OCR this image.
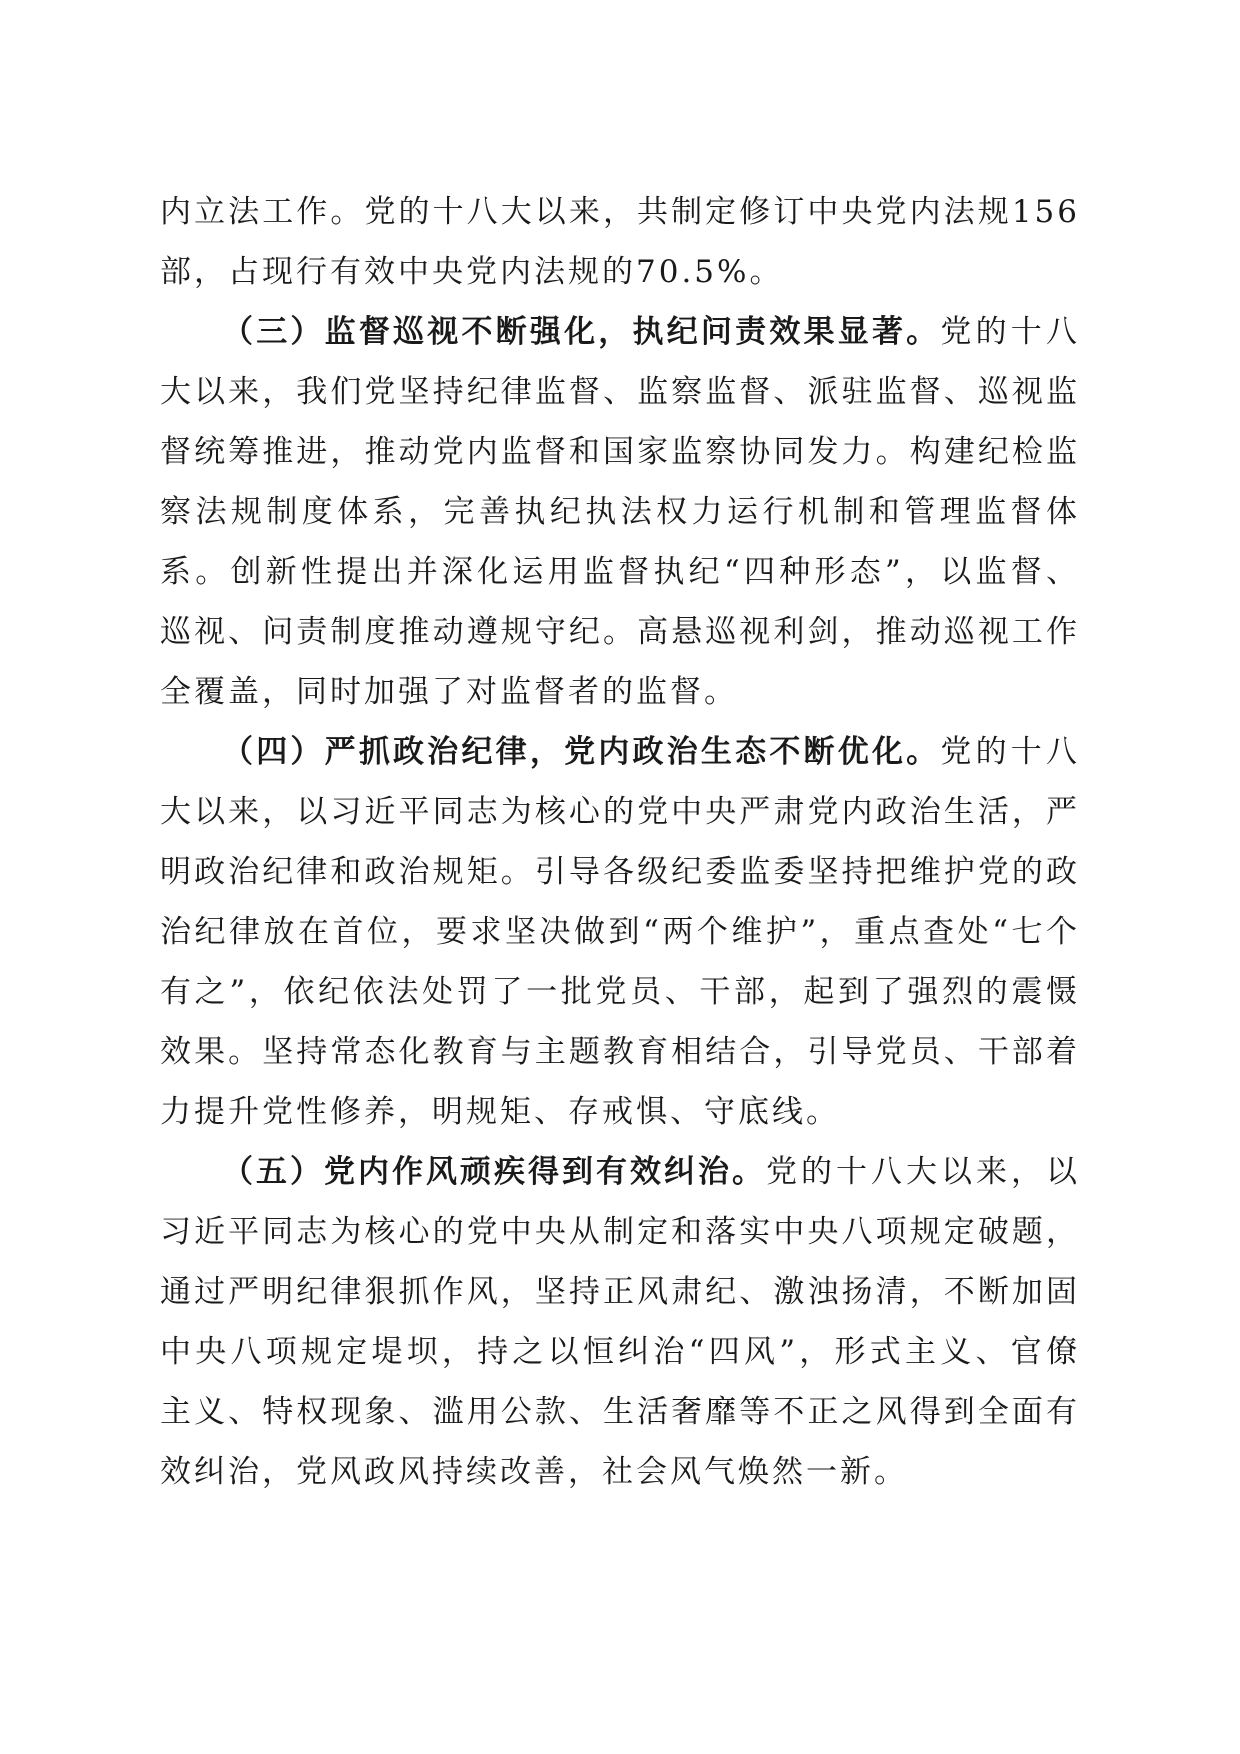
内立法工作。党的十八大以来，共制定修订中央党内法规156部，占现行有效中央党内法规的70.5%。

（三）监督巡视不断强化，执纪问责效果显著。党的十八大以来，我们党坚持纪律监督、监察监督、派驻监督、巡视监督统筹推进，推动党内监督和国家监察协同发力。构建纪检监察法规制度体系，完善执纪执法权力运行机制和管理监督体系。创新性提出并深化运用监督执纪“四种形态”，以监督、巡视、问责制度推动遵规守纪。高悬巡视利剑，推动巡视工作全覆盖，同时加强了对监督者的监督。

（四）严抓政治纪律，党内政治生态不断优化。党的十八大以来，以习近平同志为核心的党中央严肃党内政治生活，严明政治纪律和政治规矩。引导各级纪委监委坚持把维护党的政治纪律放在首位，要求坚决做到“两个维护”，重点查处“七个有之”，依纪依法处罚了一批党员、干部，起到了强烈的震慑效果。坚持常态化教育与主题教育相结合，引导党员、干部着力提升党性修养，明规矩、存戒惧、守底线。

（五）党内作风顽疾得到有效纠治。党的十八大以来，以习近平同志为核心的党中央从制定和落实中央八项规定破题，通过严明纪律狠抓作风，坚持正风肃纪、激浊扬清，不断加固中央八项规定堤坝，持之以恒纠治“四风”，形式主义、官僚主义、特权现象、滥用公款、生活奢靡等不正之风得到全面有效纠治，党风政风持续改善，社会风气焕然一新。
